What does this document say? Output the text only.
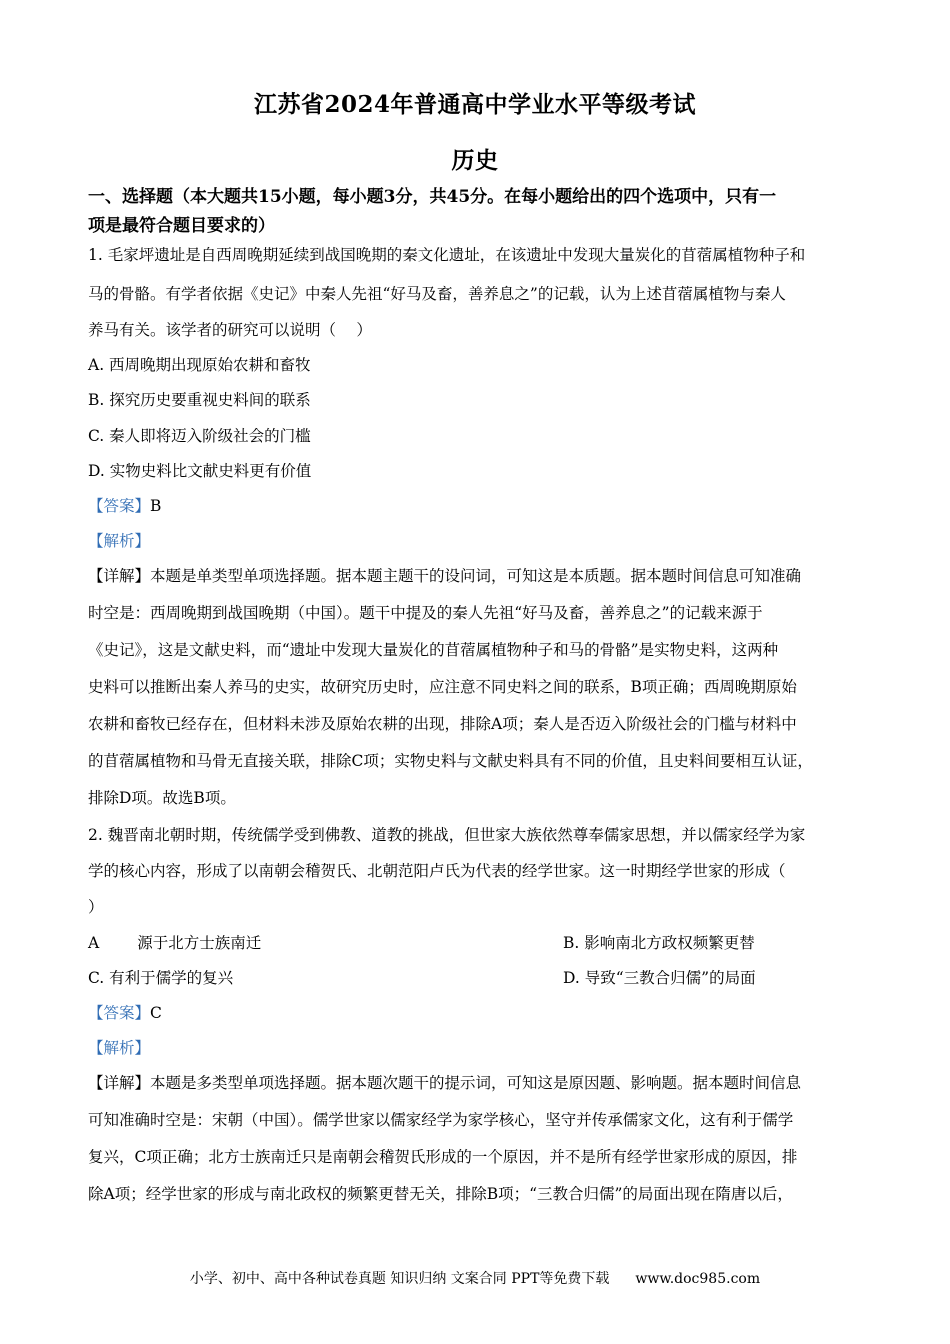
江苏省2024年普通高中学业水平等级考试
历史
一、选择题（本大题共15小题，每小题3分，共45分。在每小题给出的四个选项中，只有一
项是最符合题目要求的）
1. 毛家坪遗址是自西周晚期延续到战国晚期的秦文化遗址，在该遗址中发现大量炭化的苜蓿属植物种子和
马的骨骼。有学者依据《史记》中秦人先祖“好马及畜，善养息之”的记载，认为上述苜蓿属植物与秦人
养马有关。该学者的研究可以说明（　 ）
A. 西周晚期出现原始农耕和畜牧
B. 探究历史要重视史料间的联系
C. 秦人即将迈入阶级社会的门槛
D. 实物史料比文献史料更有价值
【答案】B
【解析】
【详解】本题是单类型单项选择题。据本题主题干的设问词，可知这是本质题。据本题时间信息可知准确
时空是：西周晚期到战国晚期（中国）。题干中提及的秦人先祖“好马及畜，善养息之”的记载来源于
《史记》，这是文献史料，而“遗址中发现大量炭化的苜蓿属植物种子和马的骨骼”是实物史料，这两种
史料可以推断出秦人养马的史实，故研究历史时，应注意不同史料之间的联系，B项正确；西周晚期原始
农耕和畜牧已经存在，但材料未涉及原始农耕的出现，排除A项；秦人是否迈入阶级社会的门槛与材料中
的苜蓿属植物和马骨无直接关联，排除C项；实物史料与文献史料具有不同的价值，且史料间要相互认证，
排除D项。故选B项。
2. 魏晋南北朝时期，传统儒学受到佛教、道教的挑战，但世家大族依然尊奉儒家思想，并以儒家经学为家
学的核心内容，形成了以南朝会稽贺氏、北朝范阳卢氏为代表的经学世家。这一时期经学世家的形成（
）
A 源于北方士族南迁	B. 影响南北方政权频繁更替
C. 有利于儒学的复兴	D. 导致“三教合归儒”的局面
【答案】C
【解析】
【详解】本题是多类型单项选择题。据本题次题干的提示词，可知这是原因题、影响题。据本题时间信息
可知准确时空是：宋朝（中国）。儒学世家以儒家经学为家学核心，坚守并传承儒家文化，这有利于儒学
复兴，C项正确；北方士族南迁只是南朝会稽贺氏形成的一个原因，并不是所有经学世家形成的原因，排
除A项；经学世家的形成与南北政权的频繁更替无关，排除B项；“三教合归儒”的局面出现在隋唐以后，
小学、初中、高中各种试卷真题 知识归纳 文案合同 PPT等免费下载 www.doc985.com
